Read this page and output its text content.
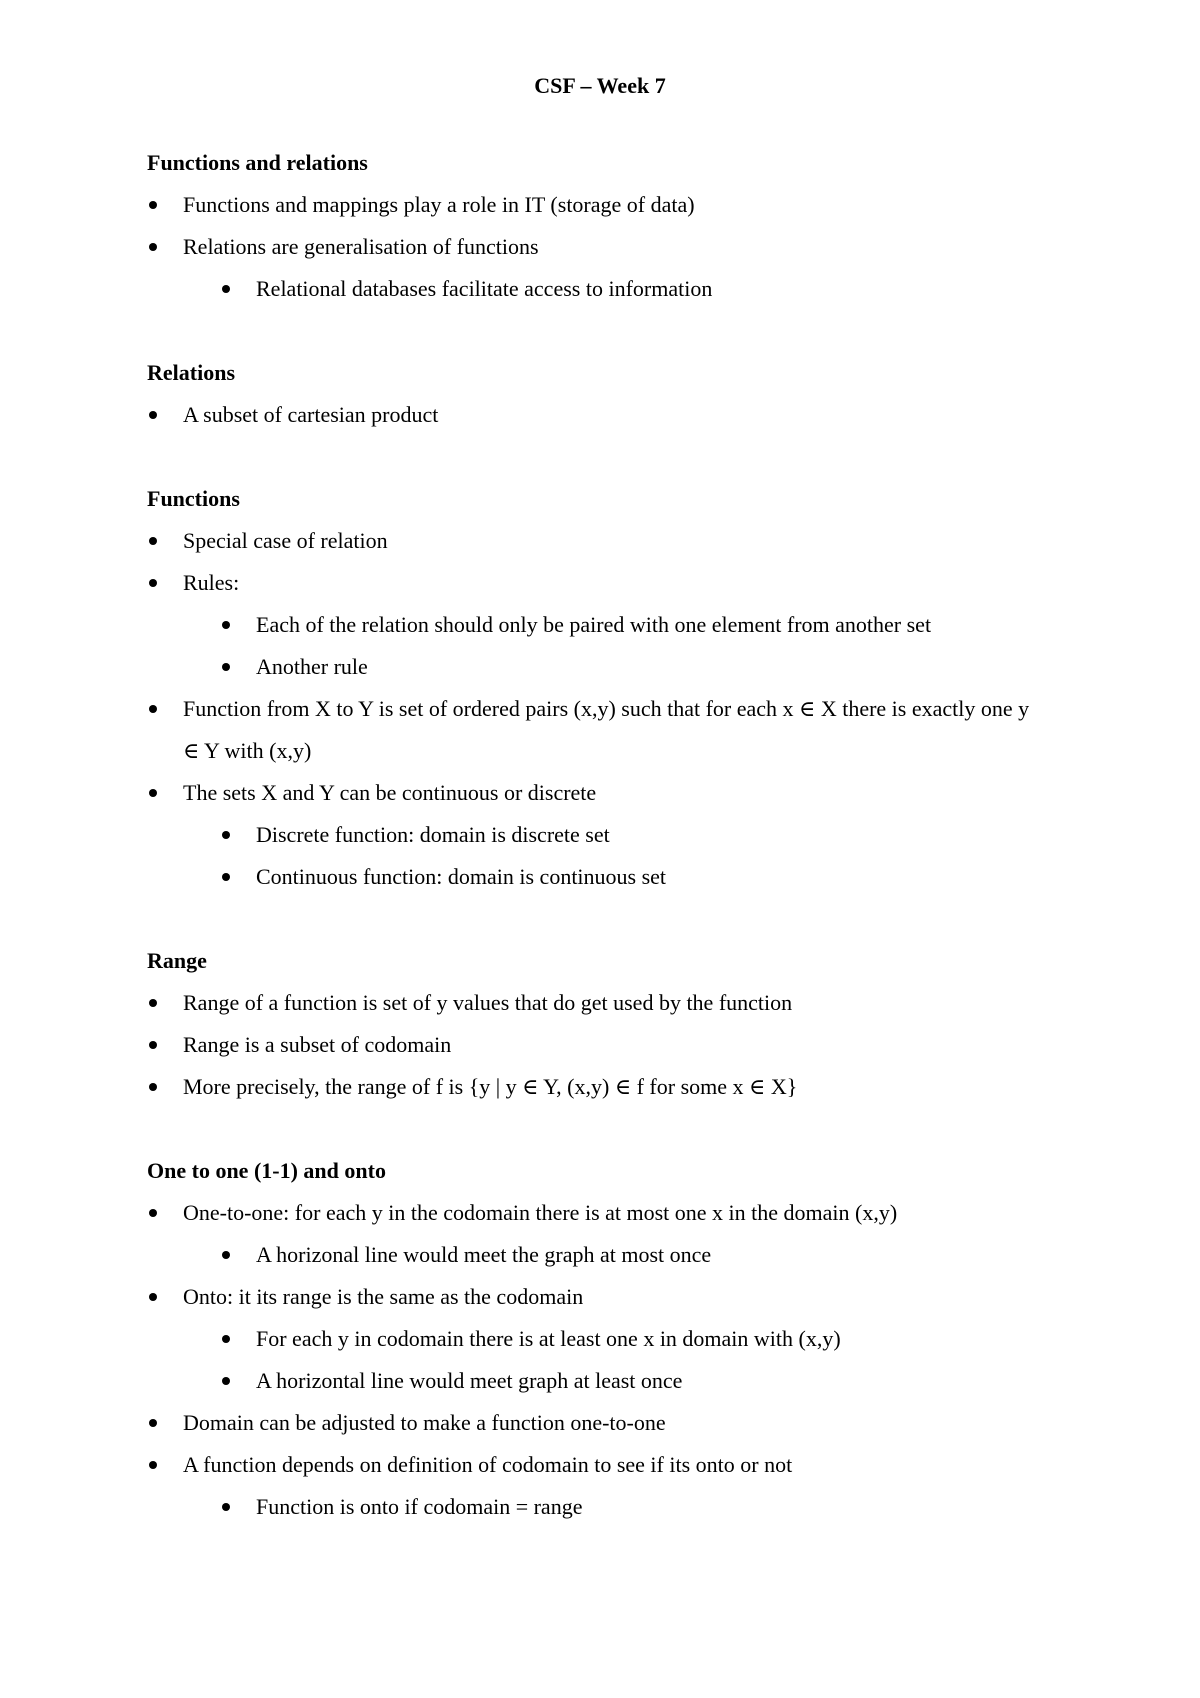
CSF – Week 7
Functions and relations
Functions and mappings play a role in IT (storage of data)
Relations are generalisation of functions
Relational databases facilitate access to information
Relations
A subset of cartesian product
Functions
Special case of relation
Rules:
Each of the relation should only be paired with one element from another set
Another rule
Function from X to Y is set of ordered pairs (x,y) such that for each x ∈ X there is exactly one y ∈ Y with (x,y)
The sets X and Y can be continuous or discrete
Discrete function: domain is discrete set
Continuous function: domain is continuous set
Range
Range of a function is set of y values that do get used by the function
Range is a subset of codomain
More precisely, the range of f is {y | y ∈ Y, (x,y) ∈ f for some x ∈ X}
One to one (1-1) and onto
One-to-one: for each y in the codomain there is at most one x in the domain (x,y)
A horizonal line would meet the graph at most once
Onto: it its range is the same as the codomain
For each y in codomain there is at least one x in domain with (x,y)
A horizontal line would meet graph at least once
Domain can be adjusted to make a function one-to-one
A function depends on definition of codomain to see if its onto or not
Function is onto if codomain = range
